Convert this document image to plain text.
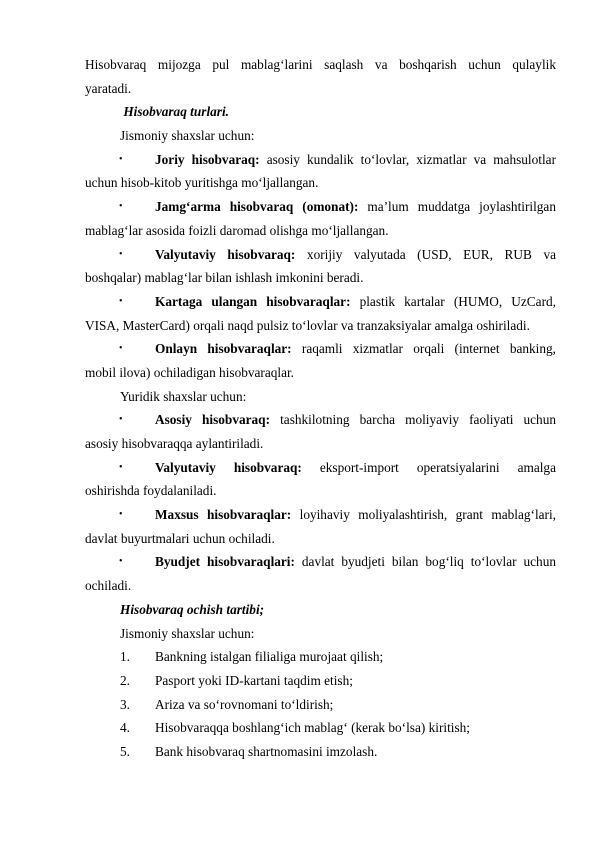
Hisobvaraq mijozga pul mablag‘larini saqlash va boshqarish uchun qulaylik
yaratadi.
Hisobvaraq turlari.
Jismoniy shaxslar uchun:
• Joriy hisobvaraq: asosiy kundalik to‘lovlar, xizmatlar va mahsulotlar
uchun hisob-kitob yuritishga mo‘ljallangan.
• Jamg‘arma hisobvaraq (omonat): ma’lum muddatga joylashtirilgan
mablag‘lar asosida foizli daromad olishga mo‘ljallangan.
• Valyutaviy hisobvaraq: xorijiy valyutada (USD, EUR, RUB va
boshqalar) mablag‘lar bilan ishlash imkonini beradi.
• Kartaga ulangan hisobvaraqlar: plastik kartalar (HUMO, UzCard,
VISA, MasterCard) orqali naqd pulsiz to‘lovlar va tranzaksiyalar amalga oshiriladi.
• Onlayn hisobvaraqlar: raqamli xizmatlar orqali (internet banking,
mobil ilova) ochiladigan hisobvaraqlar.
Yuridik shaxslar uchun:
• Asosiy hisobvaraq: tashkilotning barcha moliyaviy faoliyati uchun
asosiy hisobvaraqqa aylantiriladi.
• Valyutaviy hisobvaraq: eksport-import operatsiyalarini amalga
oshirishda foydalaniladi.
• Maxsus hisobvaraqlar: loyihaviy moliyalashtirish, grant mablag‘lari,
davlat buyurtmalari uchun ochiladi.
• Byudjet hisobvaraqlari: davlat byudjeti bilan bog‘liq to‘lovlar uchun
ochiladi.
Hisobvaraq ochish tartibi;
Jismoniy shaxslar uchun:
1. Bankning istalgan filialiga murojaat qilish;
2. Pasport yoki ID-kartani taqdim etish;
3. Ariza va so‘rovnomani to‘ldirish;
4. Hisobvaraqqa boshlang‘ich mablag‘ (kerak bo‘lsa) kiritish;
5. Bank hisobvaraq shartnomasini imzolash.
